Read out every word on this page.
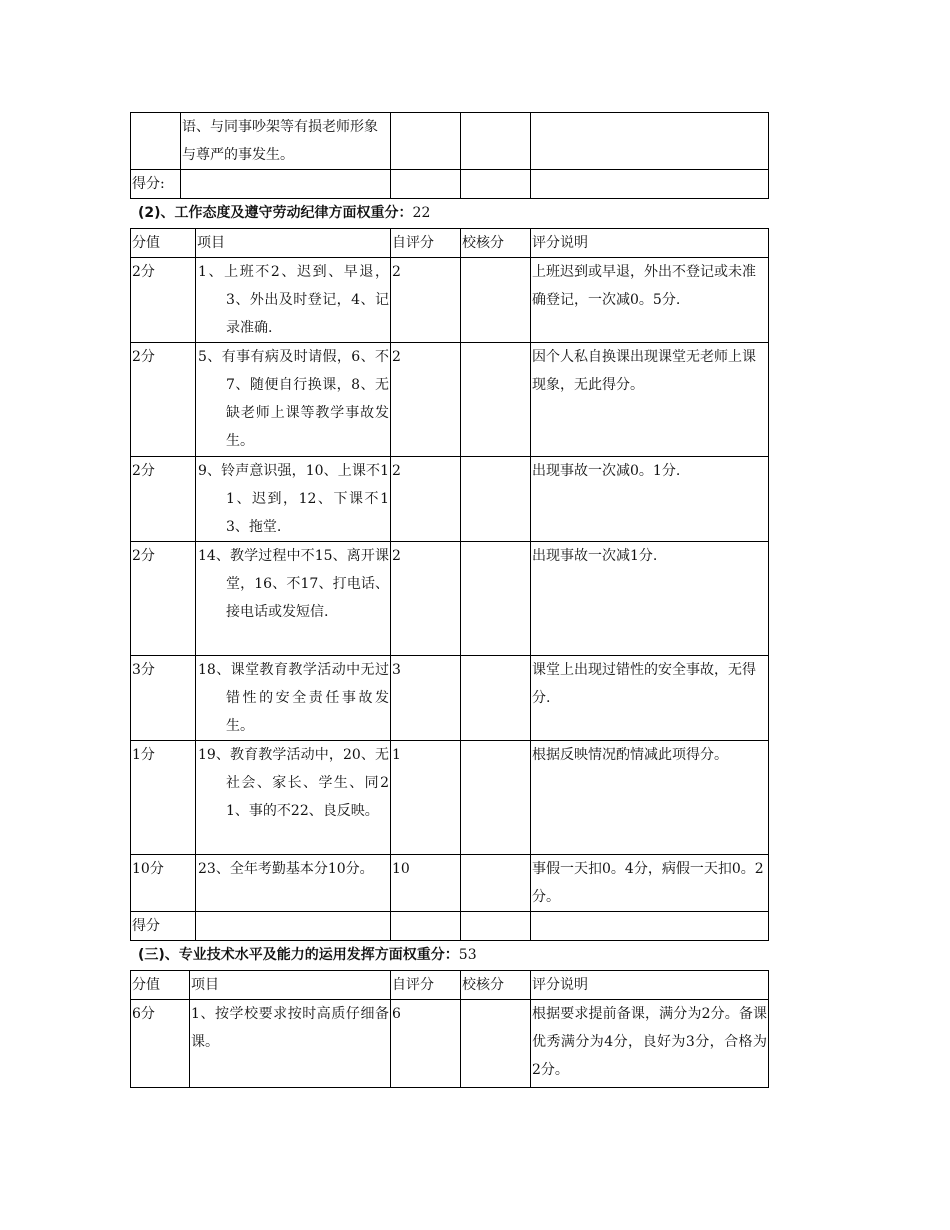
	语、与同事吵架等有损老师形象与尊严的事发生。			
得分:				
(2)、工作态度及遵守劳动纪律方面权重分：22
分值	项目	自评分	校核分	评分说明
2分	1、上班不2、迟到、早退，3、外出及时登记，4、记录准确.	2		上班迟到或早退，外出不登记或未准确登记，一次减0。5分.
2分	5、有事有病及时请假，6、不7、随便自行换课，8、无缺老师上课等教学事故发生。	2		因个人私自换课出现课堂无老师上课现象，无此得分。
2分	9、铃声意识强，10、上课不11、迟到，12、下课不13、拖堂.	2		出现事故一次减0。1分.
2分	14、教学过程中不15、离开课堂，16、不17、打电话、接电话或发短信.	2		出现事故一次减1分.
3分	18、课堂教育教学活动中无过错性的安全责任事故发生。	3		课堂上出现过错性的安全事故，无得分.
1分	19、教育教学活动中，20、无社会、家长、学生、同21、事的不22、良反映。	1		根据反映情况酌情减此项得分。
10分	23、全年考勤基本分10分。	10		事假一天扣0。4分，病假一天扣0。2分。
得分				
(三)、专业技术水平及能力的运用发挥方面权重分：53
分值	项目	自评分	校核分	评分说明
6分	1、按学校要求按时高质仔细备课。	6		根据要求提前备课，满分为2分。备课优秀满分为4分，良好为3分，合格为2分。
